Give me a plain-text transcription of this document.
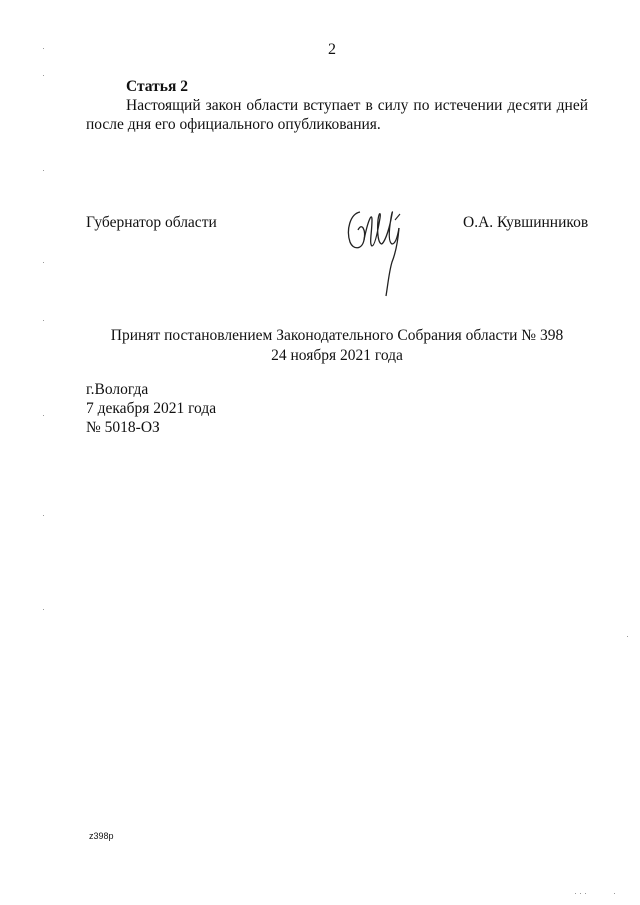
2
Статья 2

Настоящий закон области вступает в силу по истечении десяти дней после дня его официального опубликования.

Губернатор области	О.А. Кувшинников
Принят постановлением Законодательного Собрания области № 398
24 ноября 2021 года
г.Вологда
7 декабря 2021 года
№ 5018-ОЗ
z398p
